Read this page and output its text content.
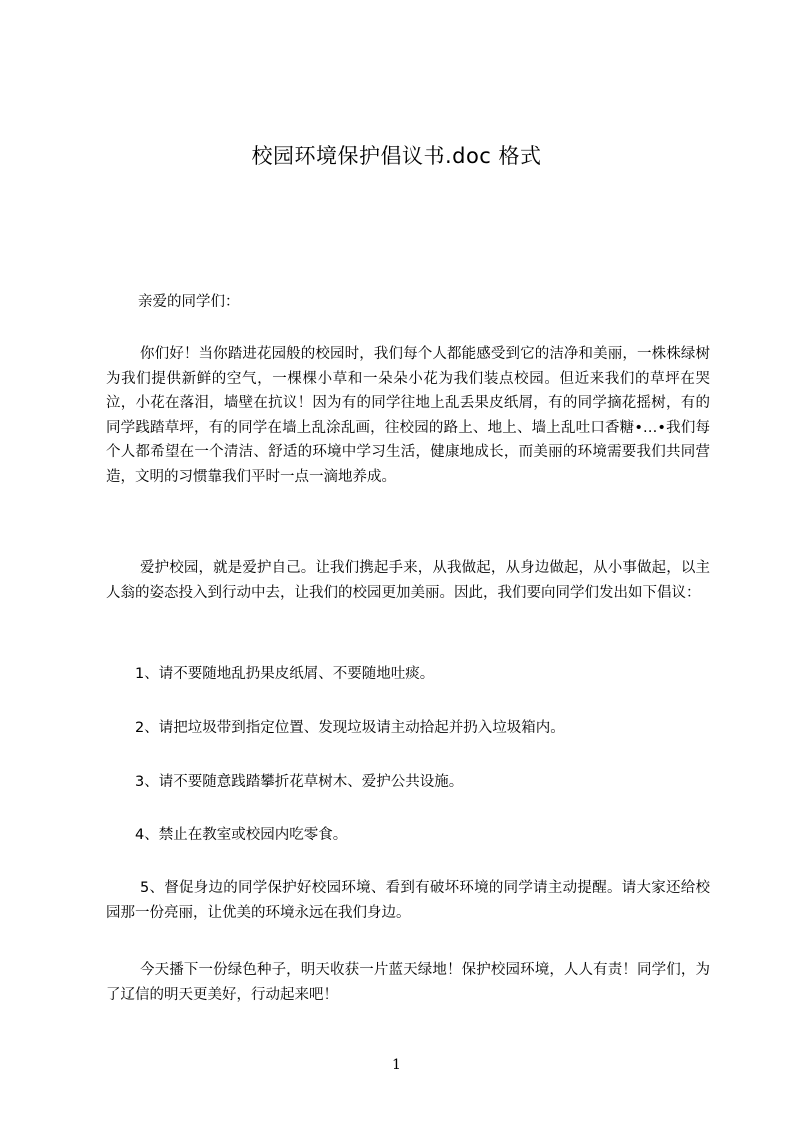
校园环境保护倡议书.doc 格式
亲爱的同学们：
你们好！当你踏进花园般的校园时，我们每个人都能感受到它的洁净和美丽，一株株绿树为我们提供新鲜的空气，一棵棵小草和一朵朵小花为我们装点校园。但近来我们的草坪在哭泣，小花在落泪，墙壁在抗议！因为有的同学往地上乱丢果皮纸屑，有的同学摘花摇树，有的同学践踏草坪，有的同学在墙上乱涂乱画，往校园的路上、地上、墙上乱吐口香糖•…•我们每个人都希望在一个清洁、舒适的环境中学习生活，健康地成长，而美丽的环境需要我们共同营造，文明的习惯靠我们平时一点一滴地养成。
爱护校园，就是爱护自己。让我们携起手来，从我做起，从身边做起，从小事做起，以主人翁的姿态投入到行动中去，让我们的校园更加美丽。因此，我们要向同学们发出如下倡议：
1、请不要随地乱扔果皮纸屑、不要随地吐痰。
2、请把垃圾带到指定位置、发现垃圾请主动拾起并扔入垃圾箱内。
3、请不要随意践踏攀折花草树木、爱护公共设施。
4、禁止在教室或校园内吃零食。
5、督促身边的同学保护好校园环境、看到有破坏环境的同学请主动提醒。请大家还给校园那一份亮丽，让优美的环境永远在我们身边。
今天播下一份绿色种子，明天收获一片蓝天绿地！保护校园环境，人人有责！同学们，为了辽信的明天更美好，行动起来吧！
1
